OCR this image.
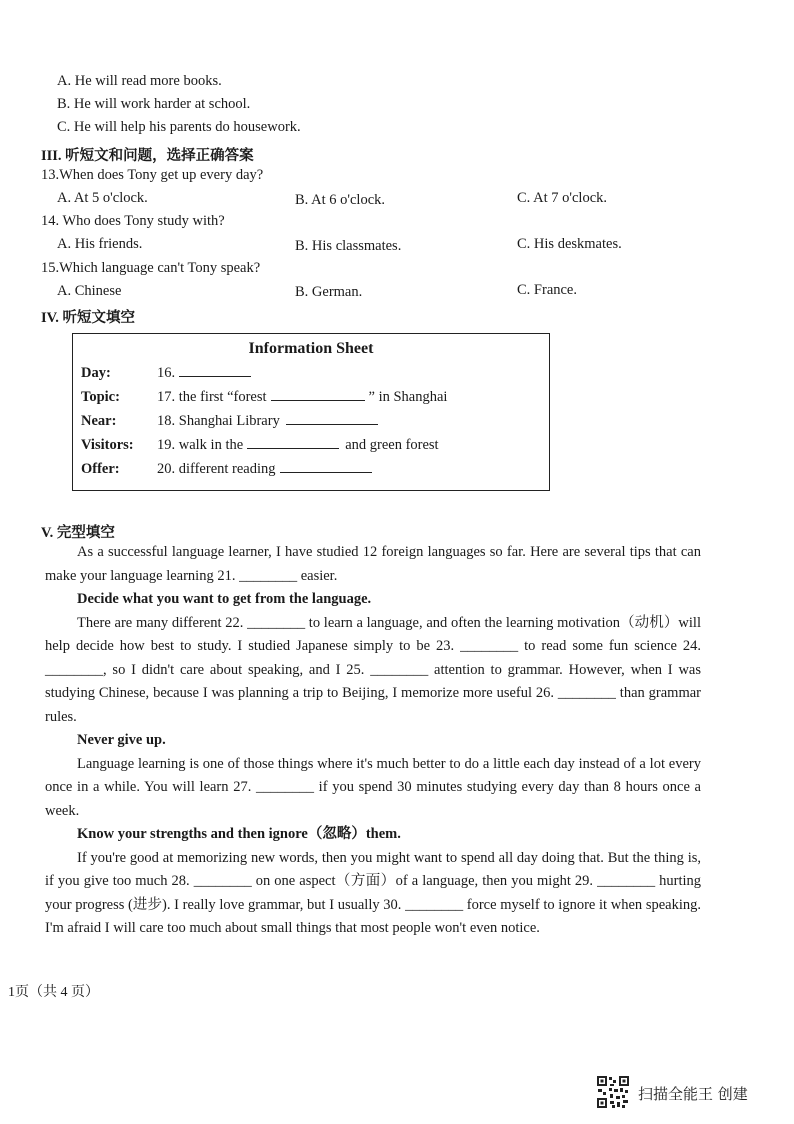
A. He will read more books.
B. He will work harder at school.
C. He will help his parents do housework.
III. 听短文和问题，选择正确答案
13.When does Tony get up every day?
A. At 5 o'clock.	B. At 6 o'clock.	C. At 7 o'clock.
14. Who does Tony study with?
A. His friends.	B. His classmates.	C. His deskmates.
15.Which language can't Tony speak?
A. Chinese	B. German.	C. France.
IV. 听短文填空
Information Sheet
Day:	16.
Topic:	17. the first “forest	” in Shanghai
Near:	18. Shanghai Library
Visitors: 19. walk in the	and green forest
Offer:	20. different reading
V. 完型填空

As a successful language learner, I have studied 12 foreign languages so far. Here are several tips that can make your language learning 21. ________ easier.

Decide what you want to get from the language.

There are many different 22. ________ to learn a language, and often the learning motivation（动机）will help decide how best to study. I studied Japanese simply to be 23. ________ to read some fun science 24. ________, so I didn't care about speaking, and I 25. ________ attention to grammar. However, when I was studying Chinese, because I was planning a trip to Beijing, I memorize more useful 26. ________ than grammar rules.

Never give up.

Language learning is one of those things where it's much better to do a little each day instead of a lot every once in a while. You will learn 27. ________ if you spend 30 minutes studying every day than 8 hours once a week.

Know your strengths and then ignore（忽略）them.

If you're good at memorizing new words, then you might want to spend all day doing that. But the thing is, if you give too much 28. ________ on one aspect（方面）of a language, then you might 29. ________ hurting your progress (进步). I really love grammar, but I usually 30. ________ force myself to ignore it when speaking. I'm afraid I will care too much about small things that most people won't even notice.

1页（共 4 页）
扫描全能王 创建
